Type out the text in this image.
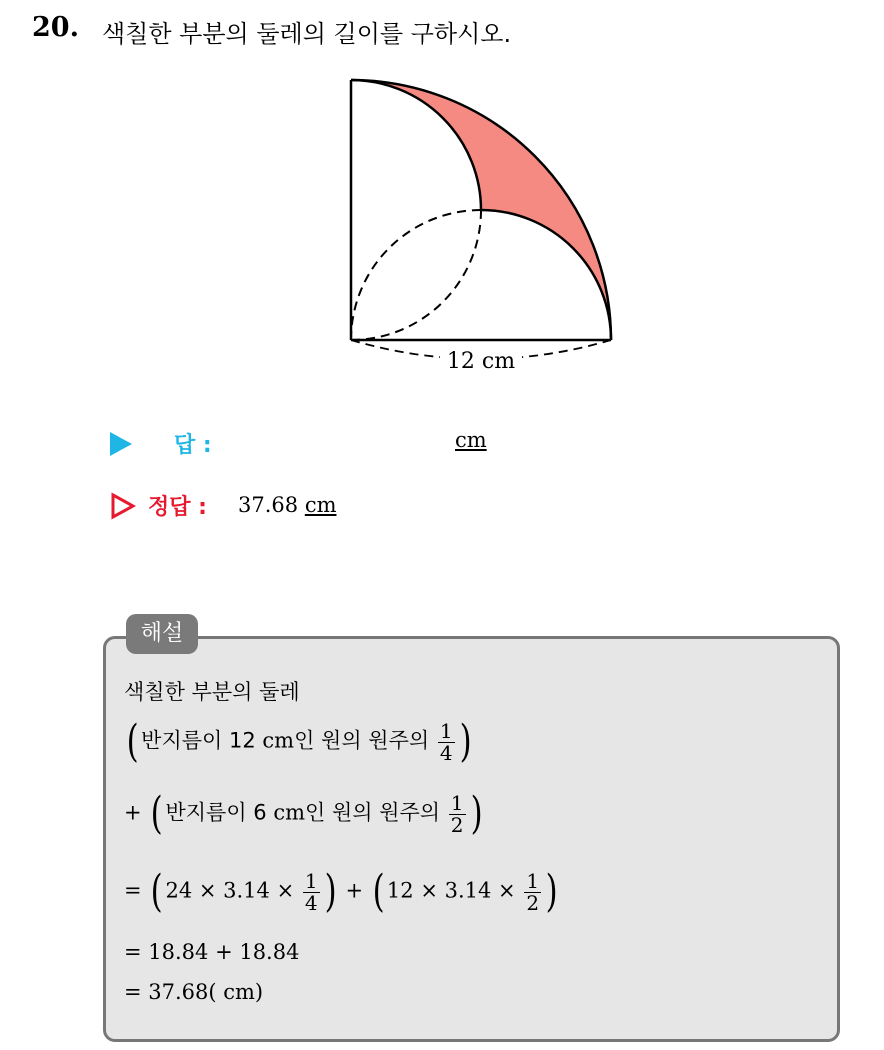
20. 색칠한 부분의 둘레의 길이를 구하시오.
12 cm
답 :	cm
정답 : 37.68 cm
해설
색칠한 부분의 둘레
( 반지름이 12 cm인 원의 원주의 $\frac{1}{4}$ )
+ ( 반지름이 6 cm인 원의 원주의 $\frac{1}{2}$ )
= ( $24 \times 3.14 \times \frac{1}{4}$ ) + ( $12 \times 3.14 \times \frac{1}{2}$ )
= 18.84 + 18.84
= 37.68( cm)
